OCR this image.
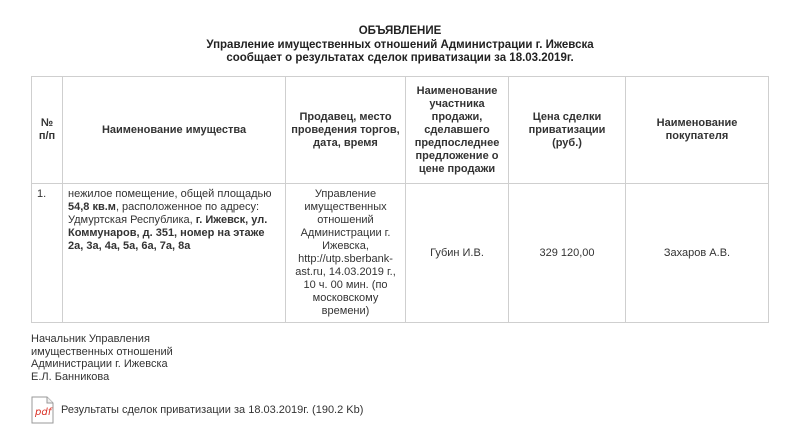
ОБЪЯВЛЕНИЕ
Управление имущественных отношений Администрации г. Ижевска
сообщает о результатах сделок приватизации за 18.03.2019г.
№ п/п	Наименование имущества	Продавец, место проведения торгов, дата, время	Наименование участника продажи, сделавшего предпоследнее предложение о цене продажи	Цена сделки приватизации (руб.)	Наименование покупателя
1.	нежилое помещение, общей площадью 54,8 кв.м, расположенное по адресу: Удмуртская Республика, г. Ижевск, ул. Коммунаров, д. 351, номер на этаже 2а, 3а, 4а, 5а, 6а, 7а, 8а	Управление имущественных отношений Администрации г. Ижевска, http://utp.sberbank-ast.ru, 14.03.2019 г., 10 ч. 00 мин. (по московскому времени)	Губин И.В.	329 120,00	Захаров А.В.
Начальник Управления
имущественных отношений
Администрации г. Ижевска
Е.Л. Банникова
pdf Результаты сделок приватизации за 18.03.2019г. (190.2 Kb)
